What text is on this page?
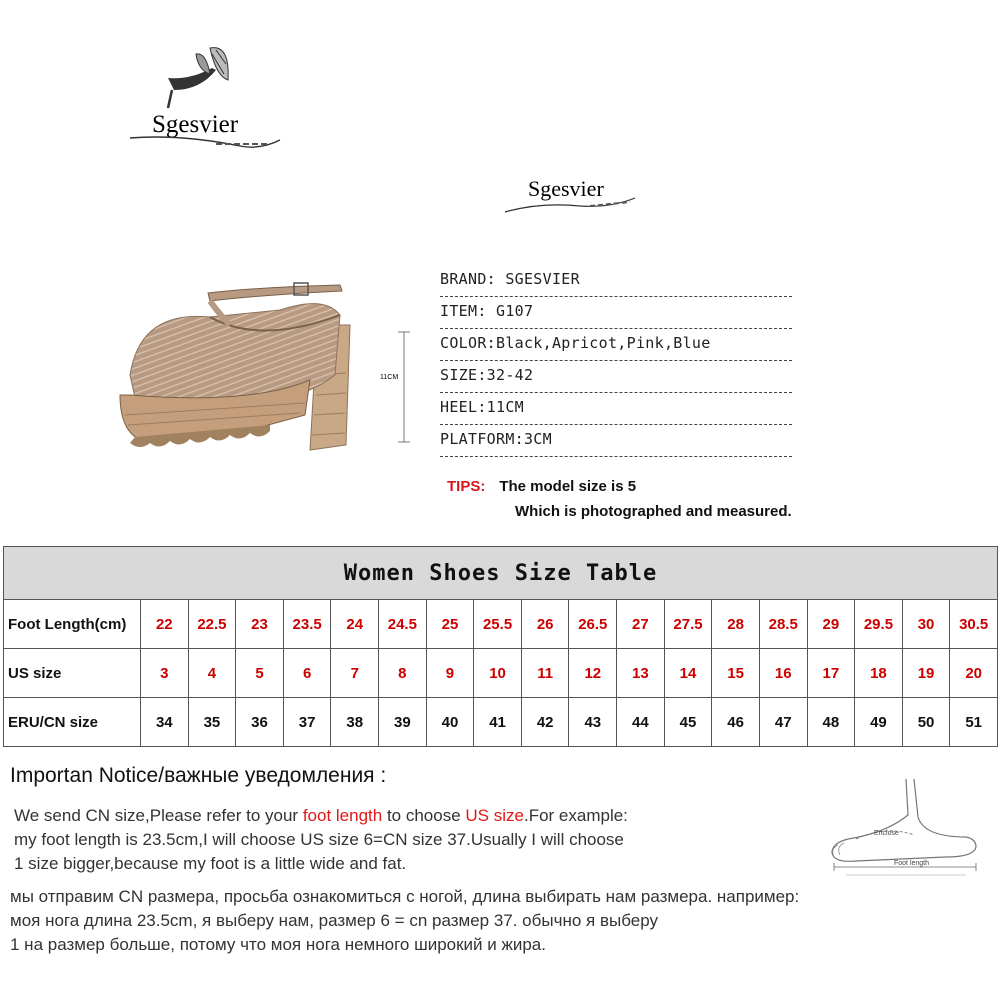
Sgesvier
Sgesvier
11CM
BRAND: SGESVIER
ITEM: G107
COLOR:Black,Apricot,Pink,Blue
SIZE:32-42
HEEL:11CM
PLATFORM:3CM
TIPS: The model size is 5
Which is photographed and measured.
Women Shoes Size Table																		
Foot Length(cm)	22	22.5	23	23.5	24	24.5	25	25.5	26	26.5	27	27.5	28	28.5	29	29.5	30	30.5
US size	3	4	5	6	7	8	9	10	11	12	13	14	15	16	17	18	19	20
ERU/CN size	34	35	36	37	38	39	40	41	42	43	44	45	46	47	48	49	50	51
Importan Notice/важные уведомления :
We send CN size,Please refer to your foot length to choose US size.For example:
my foot length is 23.5cm,I will choose US size 6=CN size 37.Usually I will choose
1 size bigger,because my foot is a little wide and fat.
мы отправим CN размера, просьба ознакомиться с ногой, длина выбирать нам размера. например:
моя нога длина 23.5cm, я выберу нам, размер 6 = cn размер 37. обычно я выберу
1 на размер больше, потому что моя нога немного широкий и жира.
Enclose
Foot length
